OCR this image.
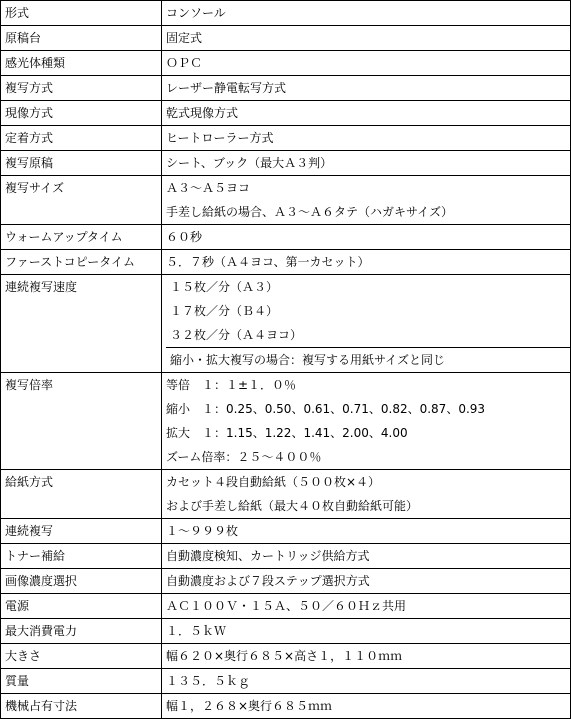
形式	コンソール

原稿台	固定式

感光体種類	ＯＰＣ

複写方式	レーザー静電転写方式

現像方式	乾式現像方式

定着方式	ヒートローラー方式

複写原稿	シート、ブック（最大Ａ３判）

複写サイズ	Ａ３～Ａ５ヨコ
手差し給紙の場合、Ａ３～Ａ６タテ（ハガキサイズ）

ウォームアップタイム	６０秒

ファーストコピータイム	５．７秒（Ａ４ヨコ、第一カセット）

連続複写速度	１５枚／分（Ａ３）
１７枚／分（Ｂ４）
３２枚／分（Ａ４ヨコ）
縮小・拡大複写の場合：複写する用紙サイズと同じ

複写倍率	等倍　１：１±１．０％
縮小　１：0.25、0.50、0.61、0.71、0.82、0.87、0.93
拡大　１：1.15、1.22、1.41、2.00、4.00
ズーム倍率：２５～４００％

給紙方式	カセット４段自動給紙（５００枚×４）
および手差し給紙（最大４０枚自動給紙可能）

連続複写	１～９９９枚

トナー補給	自動濃度検知、カートリッジ供給方式

画像濃度選択	自動濃度および７段ステップ選択方式

電源	ＡＣ１００Ｖ・１５Ａ、５０／６０Ｈｚ共用

最大消費電力	１．５ｋＷ

大きさ	幅６２０×奥行６８５×高さ１，１１０ｍｍ

質量	１３５．５ｋｇ

機械占有寸法	幅１，２６８×奥行６８５ｍｍ
